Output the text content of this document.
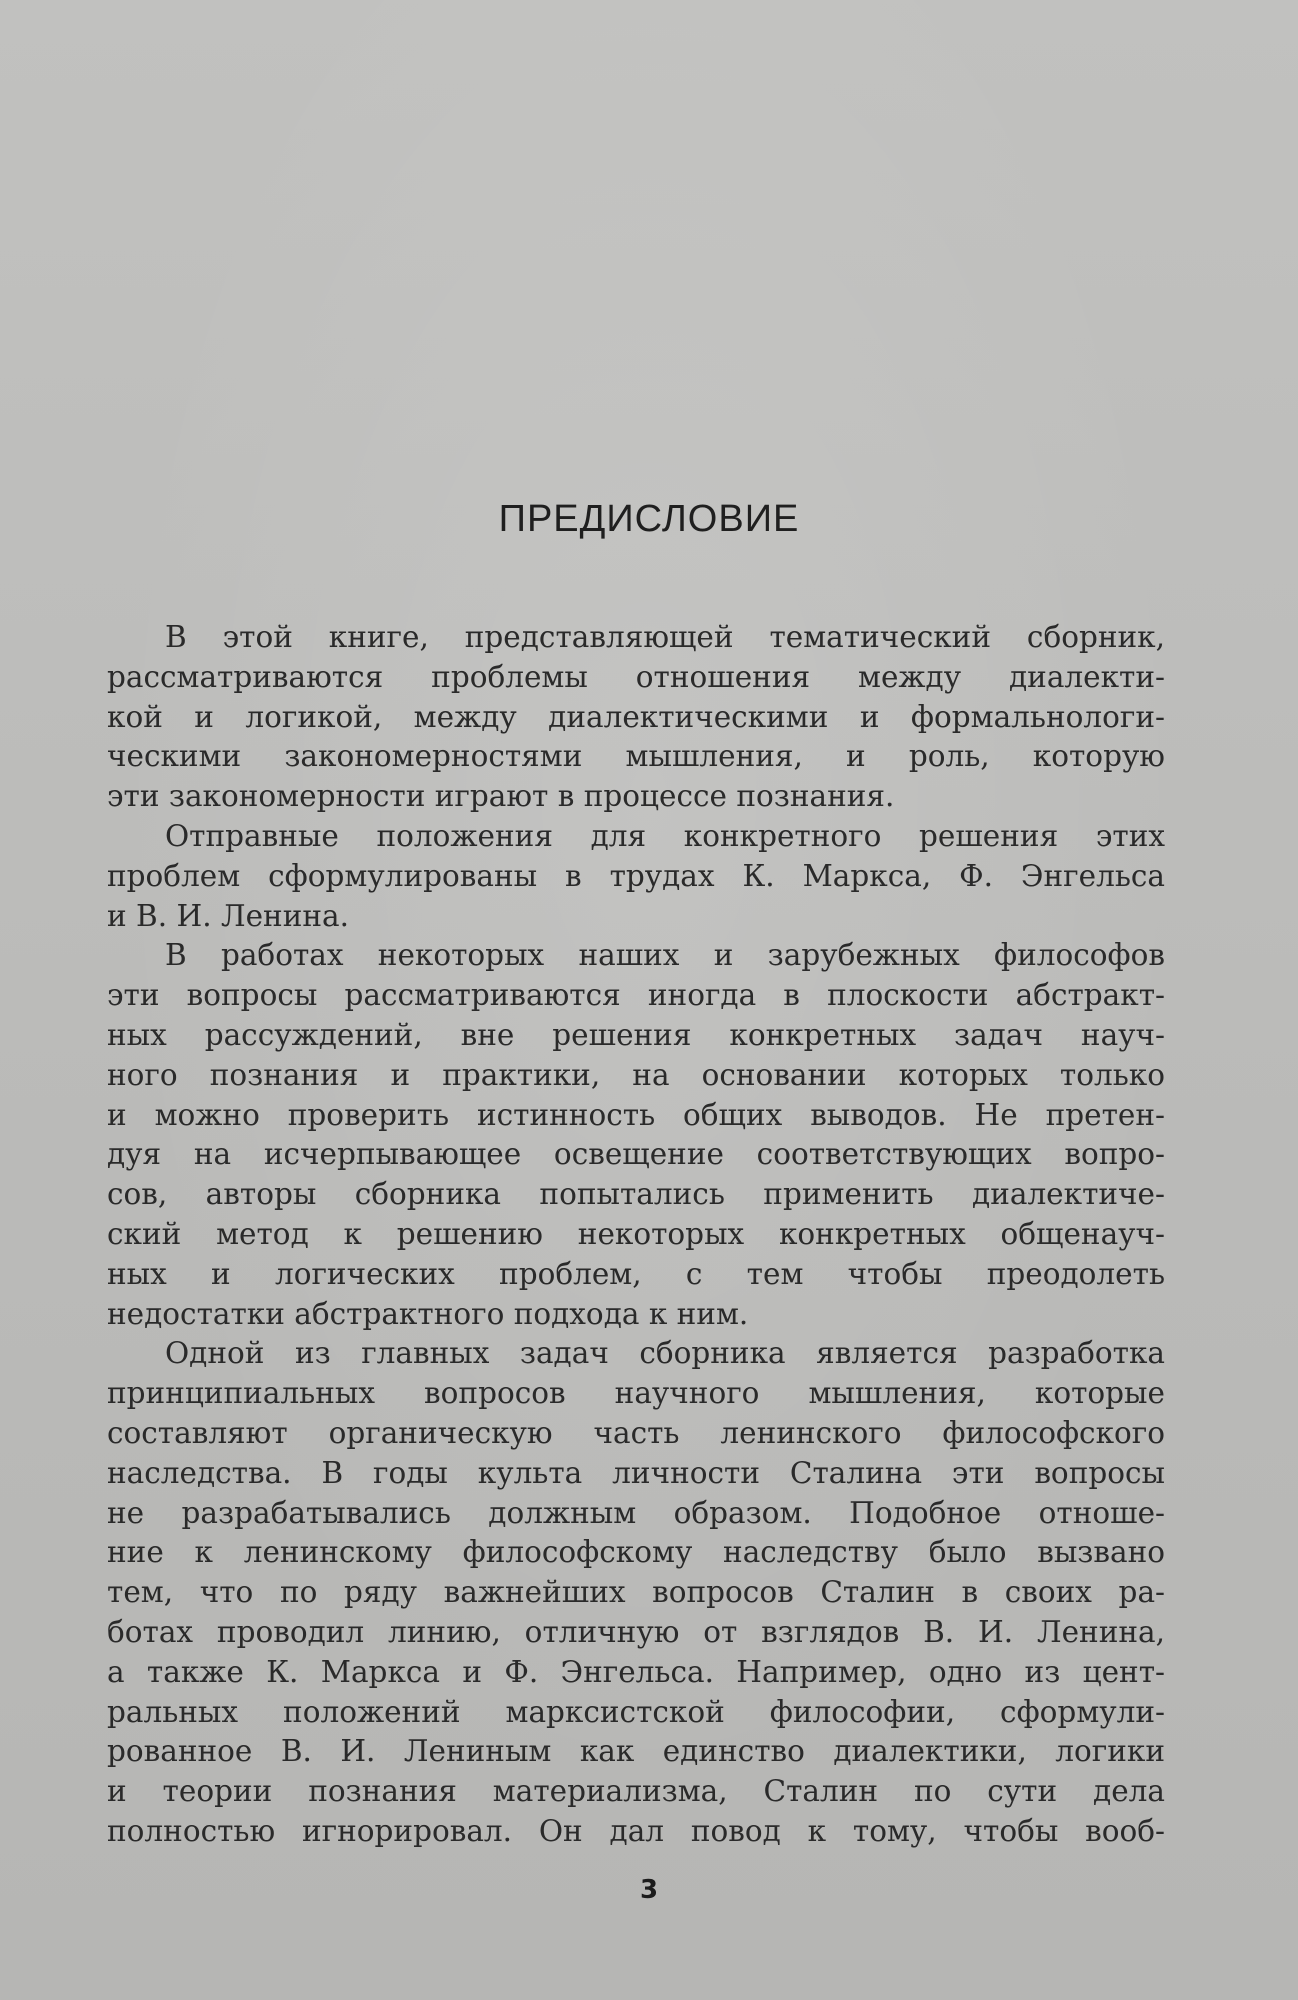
ПРЕДИСЛОВИЕ
В этой книге, представляющей тематический сборник,
рассматриваются проблемы отношения между диалекти-
кой и логикой, между диалектическими и формальнологи-
ческими закономерностями мышления, и роль, которую
эти закономерности играют в процессе познания.
Отправные положения для конкретного решения этих
проблем сформулированы в трудах К. Маркса, Ф. Энгельса
и В. И. Ленина.
В работах некоторых наших и зарубежных философов
эти вопросы рассматриваются иногда в плоскости абстракт-
ных рассуждений, вне решения конкретных задач науч-
ного познания и практики, на основании которых только
и можно проверить истинность общих выводов. Не претен-
дуя на исчерпывающее освещение соответствующих вопро-
сов, авторы сборника попытались применить диалектиче-
ский метод к решению некоторых конкретных общенауч-
ных и логических проблем, с тем чтобы преодолеть
недостатки абстрактного подхода к ним.
Одной из главных задач сборника является разработка
принципиальных вопросов научного мышления, которые
составляют органическую часть ленинского философского
наследства. В годы культа личности Сталина эти вопросы
не разрабатывались должным образом. Подобное отноше-
ние к ленинскому философскому наследству было вызвано
тем, что по ряду важнейших вопросов Сталин в своих ра-
ботах проводил линию, отличную от взглядов В. И. Ленина,
а также К. Маркса и Ф. Энгельса. Например, одно из цент-
ральных положений марксистской философии, сформули-
рованное В. И. Лениным как единство диалектики, логики
и теории познания материализма, Сталин по сути дела
полностью игнорировал. Он дал повод к тому, чтобы вооб-
3
